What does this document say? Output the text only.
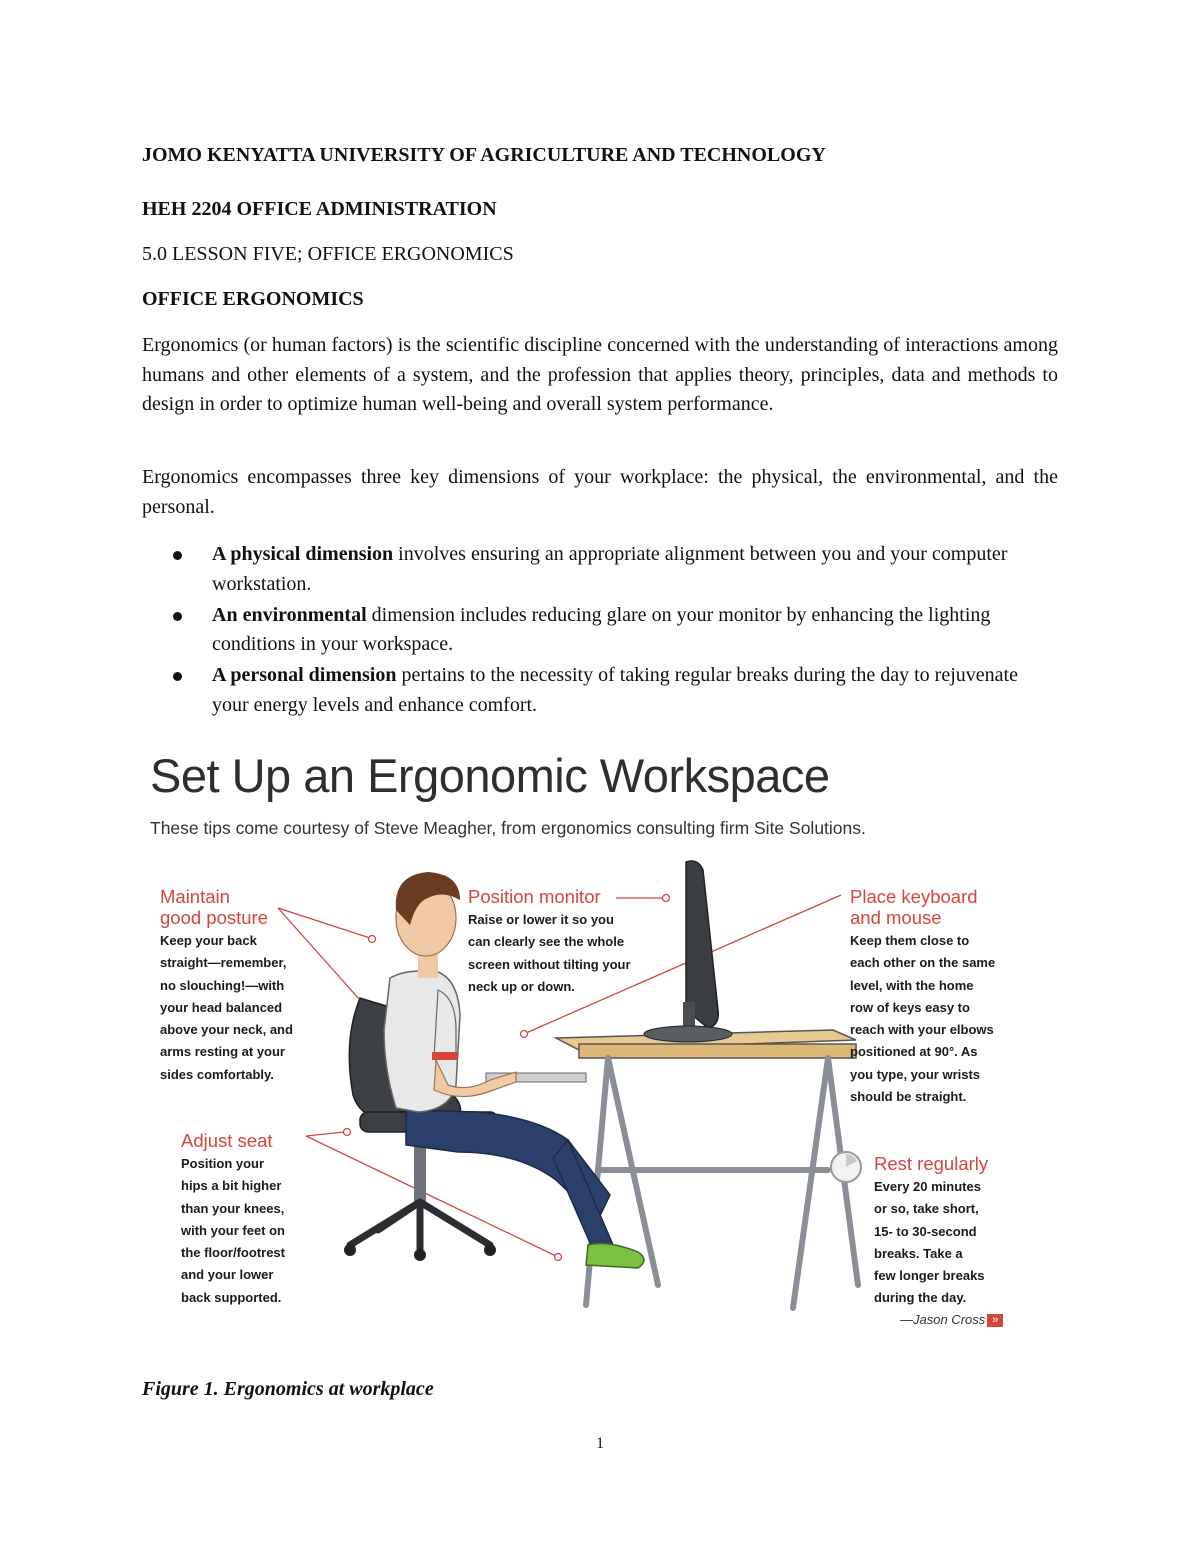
JOMO KENYATTA UNIVERSITY OF AGRICULTURE AND TECHNOLOGY

HEH 2204 OFFICE ADMINISTRATION

5.0 LESSON FIVE; OFFICE ERGONOMICS

OFFICE ERGONOMICS

Ergonomics (or human factors) is the scientific discipline concerned with the understanding of interactions among humans and other elements of a system, and the profession that applies theory, principles, data and methods to design in order to optimize human well-being and overall system performance.

Ergonomics encompasses three key dimensions of your workplace: the physical, the environmental, and the personal.

A physical dimension involves ensuring an appropriate alignment between you and your computer workstation.
An environmental dimension includes reducing glare on your monitor by enhancing the lighting conditions in your workspace.
A personal dimension pertains to the necessity of taking regular breaks during the day to rejuvenate your energy levels and enhance comfort.
Set Up an Ergonomic Workspace
These tips come courtesy of Steve Meagher, from ergonomics consulting firm Site Solutions.

Maintain

good posture

Keep your back
straight—remember,
no slouching!—with
your head balanced
above your neck, and
arms resting at your
sides comfortably.

Position monitor

Raise or lower it so you
can clearly see the whole
screen without tilting your
neck up or down.

Place keyboard

and mouse

Keep them close to
each other on the same
level, with the home
row of keys easy to
reach with your elbows
positioned at 90°. As
you type, your wrists
should be straight.

Adjust seat

Position your
hips a bit higher
than your knees,
with your feet on
the floor/footrest
and your lower
back supported.

Rest regularly

Every 20 minutes
or so, take short,
15- to 30-second
breaks. Take a
few longer breaks
during the day.

—Jason Cross »

Figure 1. Ergonomics at workplace

1
